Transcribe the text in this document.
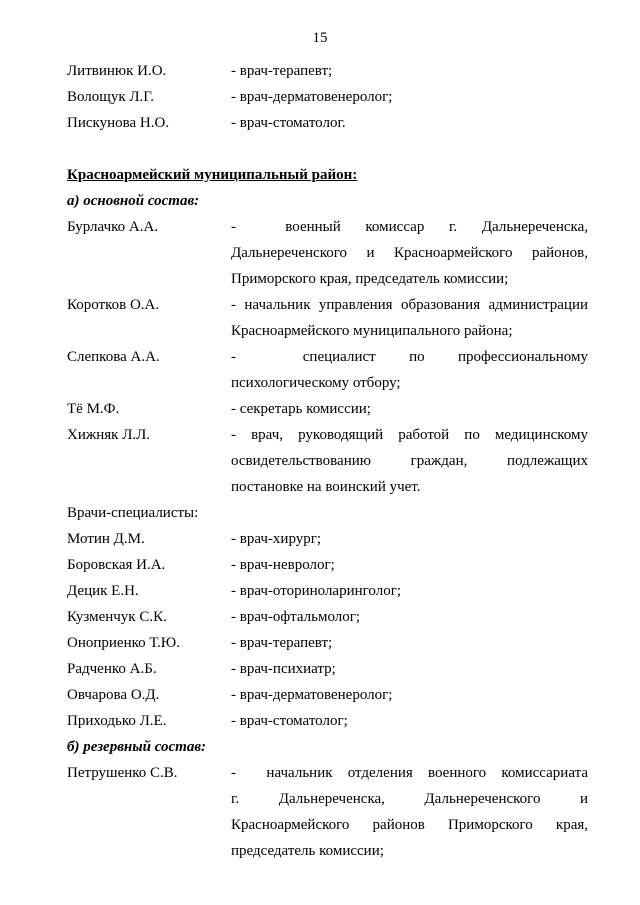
15
Литвинюк И.О.	- врач-терапевт;
Волощук Л.Г.	- врач-дерматовенеролог;
Пискунова Н.О.	- врач-стоматолог.
Красноармейский муниципальный район:
а) основной состав:
Бурлачко А.А.	-  военный комиссар г. Дальнереченска,
Дальнереченского и Красноармейского районов,
Приморского края, председатель комиссии;
Коротков О.А.	- начальник управления образования администрации
Красноармейского муниципального района;
Слепкова А.А.	-  специалист по профессиональному
психологическому отбору;
Тё М.Ф.	- секретарь комиссии;
Хижняк Л.Л.	- врач, руководящий работой по медицинскому
освидетельствованию граждан, подлежащих
постановке на воинский учет.
Врачи-специалисты:
Мотин Д.М.	- врач-хирург;
Боровская И.А.	- врач-невролог;
Децик Е.Н.	- врач-оториноларинголог;
Кузменчук С.К.	- врач-офтальмолог;
Оноприенко Т.Ю.	- врач-терапевт;
Радченко А.Б.	- врач-психиатр;
Овчарова О.Д.	- врач-дерматовенеролог;
Приходько Л.Е.	- врач-стоматолог;
б) резервный состав:
Петрушенко С.В.	-  начальник отделения военного комиссариата
г. Дальнереченска, Дальнереченского и
Красноармейского районов Приморского края,
председатель комиссии;
